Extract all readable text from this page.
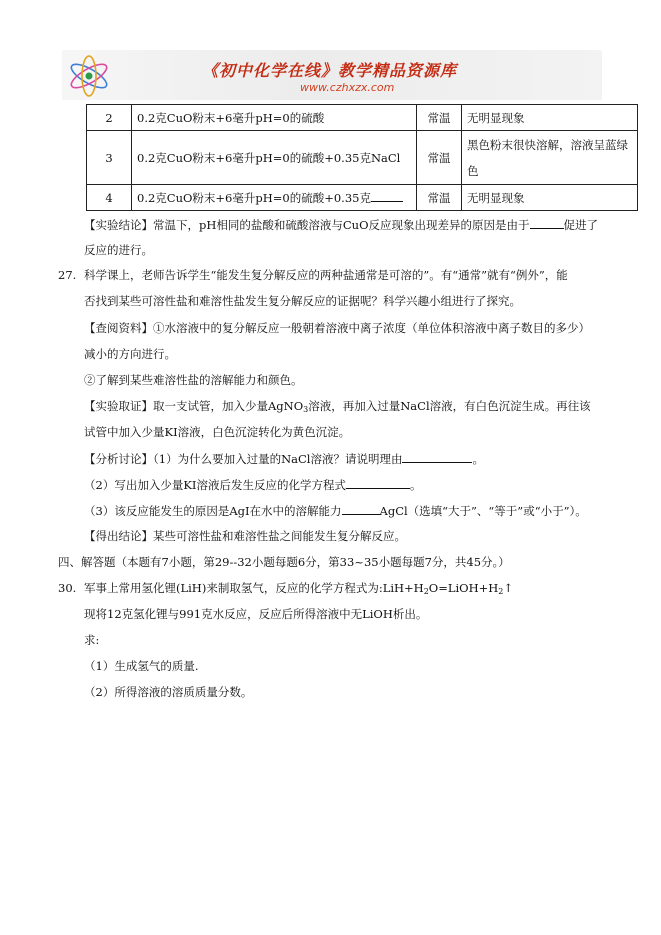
《初中化学在线》教学精品资源库
www.czhxzx.com
2	0.2克CuO粉末+6毫升pH=0的硫酸	常温	无明显现象
3	0.2克CuO粉末+6毫升pH=0的硫酸+0.35克NaCl	常温	黑色粉末很快溶解，溶液呈蓝绿色
4	0.2克CuO粉末+6毫升pH=0的硫酸+0.35克	常温	无明显现象
【实验结论】常温下，pH相同的盐酸和硫酸溶液与CuO反应现象出现差异的原因是由于	促进了
反应的进行。
27. 科学课上，老师告诉学生“能发生复分解反应的两种盐通常是可溶的”。有“通常”就有“例外”，能
否找到某些可溶性盐和难溶性盐发生复分解反应的证据呢？科学兴趣小组进行了探究。
【查阅资料】①水溶液中的复分解反应一般朝着溶液中离子浓度（单位体积溶液中离子数目的多少）
减小的方向进行。
②了解到某些难溶性盐的溶解能力和颜色。
【实验取证】取一支试管，加入少量AgNO$_3$溶液，再加入过量NaCl溶液，有白色沉淀生成。再往该
试管中加入少量KI溶液，白色沉淀转化为黄色沉淀。
【分析讨论】（1）为什么要加入过量的NaCl溶液？请说明理由	。
（2）写出加入少量KI溶液后发生反应的化学方程式	。
（3）该反应能发生的原因是AgI在水中的溶解能力	AgCl（选填“大于”、“等于”或“小于”）。
【得出结论】某些可溶性盐和难溶性盐之间能发生复分解反应。
四、解答题（本题有7小题，第29--32小题每题6分，第33~35小题每题7分，共45分。）
30. 军事上常用氢化锂(LiH)来制取氢气，反应的化学方程式为$:LiH+H_2O=LiOH+H_2↑$
现将12克氢化锂与991克水反应，反应后所得溶液中无LiOH析出。
求:
（1）生成氢气的质量.
（2）所得溶液的溶质质量分数。
